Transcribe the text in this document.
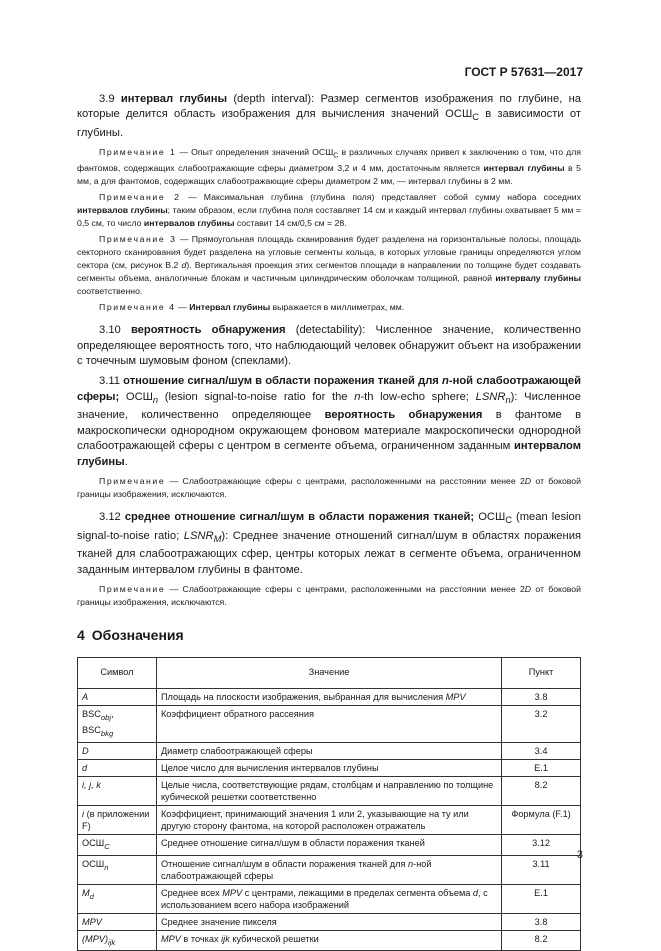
ГОСТ Р 57631—2017

3.9 интервал глубины (depth interval): Размер сегментов изображения по глубине, на которые делится область изображения для вычисления значений $ОСШ_С$ в зависимости от глубины.

Примечание 1 — Опыт определения значений $ОСШ_С$ в различных случаях привел к заключению о том, что для фантомов, содержащих слабоотражающие сферы диаметром 3,2 и 4 мм, достаточным является интервал глубины в 5 мм, а для фантомов, содержащих слабоотражающие сферы диаметром 2 мм, — интервал глубины в 2 мм.

Примечание 2 — Максимальная глубина (глубина поля) представляет собой сумму набора соседних интервалов глубины; таким образом, если глубина поля составляет 14 см и каждый интервал глубины охватывает 5 мм = 0,5 см, то число интервалов глубины составит 14 см/0,5 см = 28.

Примечание 3 — Прямоугольная площадь сканирования будет разделена на горизонтальные полосы, площадь секторного сканирования будет разделена на угловые сегменты кольца, в которых угловые границы определяются углом сектора (см, рисунок В.2 d). Вертикальная проекция этих сегментов площади в направлении по толщине будет создавать сегменты объема, аналогичные блокам и частичным цилиндрическим оболочкам толщиной, равной интервалу глубины соответственно.

Примечание 4 — Интервал глубины выражается в миллиметрах, мм.

3.10 вероятность обнаружения (detectability): Численное значение, количественно определяющее вероятность того, что наблюдающий человек обнаружит объект на изображении с точечным шумовым фоном (спеклами).

3.11 отношение сигнал/шум в области поражения тканей для n-ной слабоотражающей сферы; $ОСШ_n$ (lesion signal-to-noise ratio for the n-th low-echo sphere; $LSNR_n$): Численное значение, количественно определяющее вероятность обнаружения в фантоме в макроскопически однородном окружающем фоновом материале макроскопически однородной слабоотражающей сферы с центром в сегменте объема, ограниченном заданным интервалом глубины.

Примечание — Слабоотражающие сферы с центрами, расположенными на расстоянии менее 2D от боковой границы изображения, исключаются.

3.12 среднее отношение сигнал/шум в области поражения тканей; $ОСШ_С$ (mean lesion signal-to-noise ratio; $LSNR_M$): Среднее значение отношений сигнал/шум в областях поражения тканей для слабоотражающих сфер, центры которых лежат в сегменте объема, ограниченном заданным интервалом глубины в фантоме.

Примечание — Слабоотражающие сферы с центрами, расположенными на расстоянии менее 2D от боковой границы изображения, исключаются.

4 Обозначения
Символ	Значение	Пункт
A	Площадь на плоскости изображения, выбранная для вычисления MPV	3.8
$BSC_{obj}$,
$BSC_{bkg}$	Коэффициент обратного рассеяния	3.2
D	Диаметр слабоотражающей сферы	3.4
d	Целое число для вычисления интервалов глубины	E.1
i, j, k	Целые числа, соответствующие рядам, столбцам и направлению по толщине кубической решетки соответственно	8.2
i (в приложении F)	Коэффициент, принимающий значения 1 или 2, указывающие на ту или другую сторону фантома, на которой расположен отражатель	Формула (F.1)
$ОСШ_С$	Среднее отношение сигнал/шум в области поражения тканей	3.12
$ОСШ_n$	Отношение сигнал/шум в области поражения тканей для n-ной слабоотражающей сферы	3.11
$M_d$	Среднее всех MPV с центрами, лежащими в пределах сегмента объема d, с использованием всего набора изображений	E.1
MPV	Среднее значение пикселя	3.8
$(MPV)_{ijk}$	MPV в точках ijk кубической решетки	8.2
3
